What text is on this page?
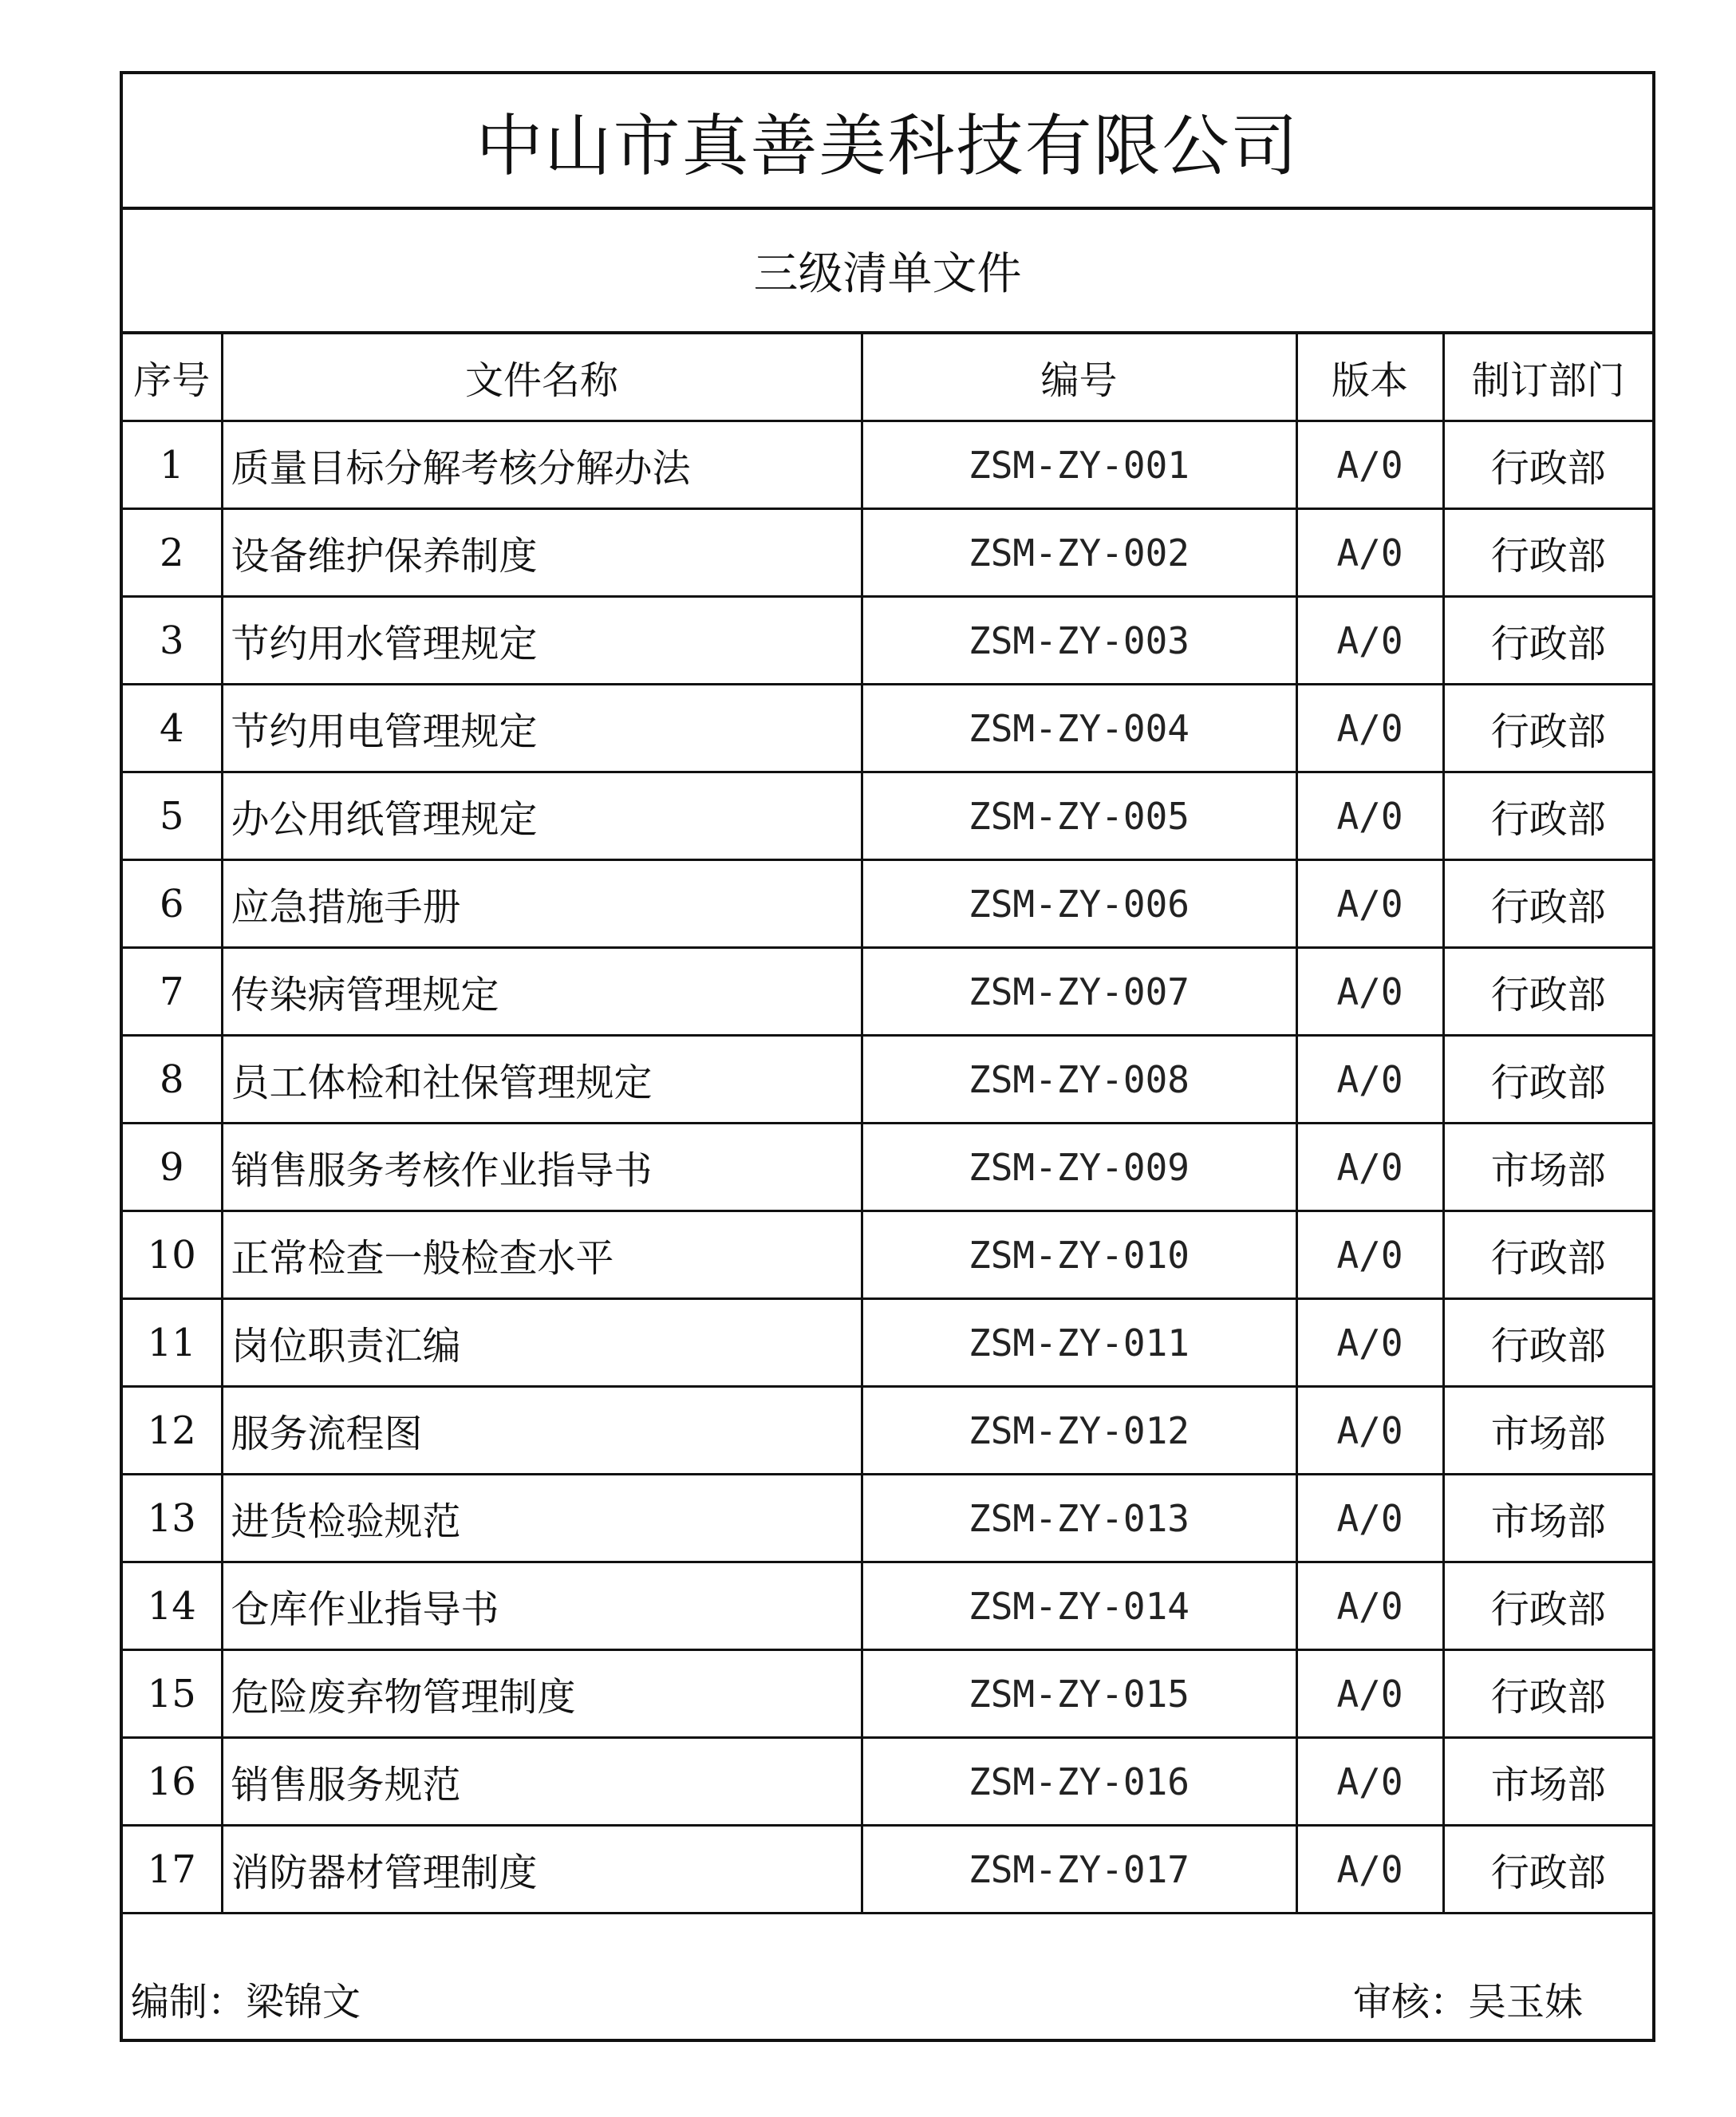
中山市真善美科技有限公司
三级清单文件
序号	文件名称	编号	版本	制订部门
1	质量目标分解考核分解办法	ZSM-ZY-001	A/0	行政部
2	设备维护保养制度	ZSM-ZY-002	A/0	行政部
3	节约用水管理规定	ZSM-ZY-003	A/0	行政部
4	节约用电管理规定	ZSM-ZY-004	A/0	行政部
5	办公用纸管理规定	ZSM-ZY-005	A/0	行政部
6	应急措施手册	ZSM-ZY-006	A/0	行政部
7	传染病管理规定	ZSM-ZY-007	A/0	行政部
8	员工体检和社保管理规定	ZSM-ZY-008	A/0	行政部
9	销售服务考核作业指导书	ZSM-ZY-009	A/0	市场部
10	正常检查一般检查水平	ZSM-ZY-010	A/0	行政部
11	岗位职责汇编	ZSM-ZY-011	A/0	行政部
12	服务流程图	ZSM-ZY-012	A/0	市场部
13	进货检验规范	ZSM-ZY-013	A/0	市场部
14	仓库作业指导书	ZSM-ZY-014	A/0	行政部
15	危险废弃物管理制度	ZSM-ZY-015	A/0	行政部
16	销售服务规范	ZSM-ZY-016	A/0	市场部
17	消防器材管理制度	ZSM-ZY-017	A/0	行政部
编制：梁锦文	审核：吴玉妹
